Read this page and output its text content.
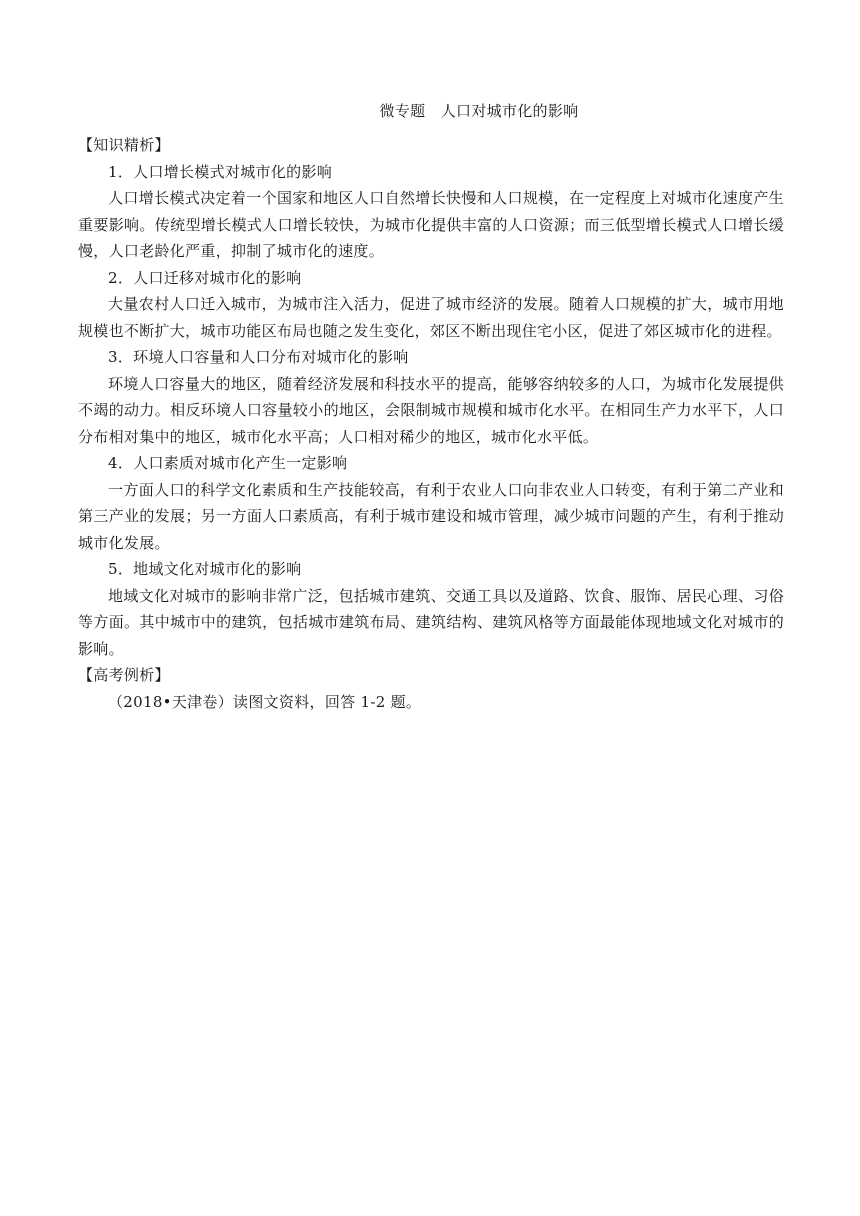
微专题　人口对城市化的影响

【知识精析】

1．人口增长模式对城市化的影响

人口增长模式决定着一个国家和地区人口自然增长快慢和人口规模，在一定程度上对城市化速度产生重要影响。传统型增长模式人口增长较快，为城市化提供丰富的人口资源；而三低型增长模式人口增长缓慢，人口老龄化严重，抑制了城市化的速度。

2．人口迁移对城市化的影响

大量农村人口迁入城市，为城市注入活力，促进了城市经济的发展。随着人口规模的扩大，城市用地规模也不断扩大，城市功能区布局也随之发生变化，郊区不断出现住宅小区，促进了郊区城市化的进程。

3．环境人口容量和人口分布对城市化的影响

环境人口容量大的地区，随着经济发展和科技水平的提高，能够容纳较多的人口，为城市化发展提供不竭的动力。相反环境人口容量较小的地区，会限制城市规模和城市化水平。在相同生产力水平下，人口分布相对集中的地区，城市化水平高；人口相对稀少的地区，城市化水平低。

4．人口素质对城市化产生一定影响

一方面人口的科学文化素质和生产技能较高，有利于农业人口向非农业人口转变，有利于第二产业和第三产业的发展；另一方面人口素质高，有利于城市建设和城市管理，减少城市问题的产生，有利于推动城市化发展。

5．地域文化对城市化的影响

地域文化对城市的影响非常广泛，包括城市建筑、交通工具以及道路、饮食、服饰、居民心理、习俗等方面。其中城市中的建筑，包括城市建筑布局、建筑结构、建筑风格等方面最能体现地域文化对城市的影响。

【高考例析】

（2018•天津卷）读图文资料，回答 1-2 题。
